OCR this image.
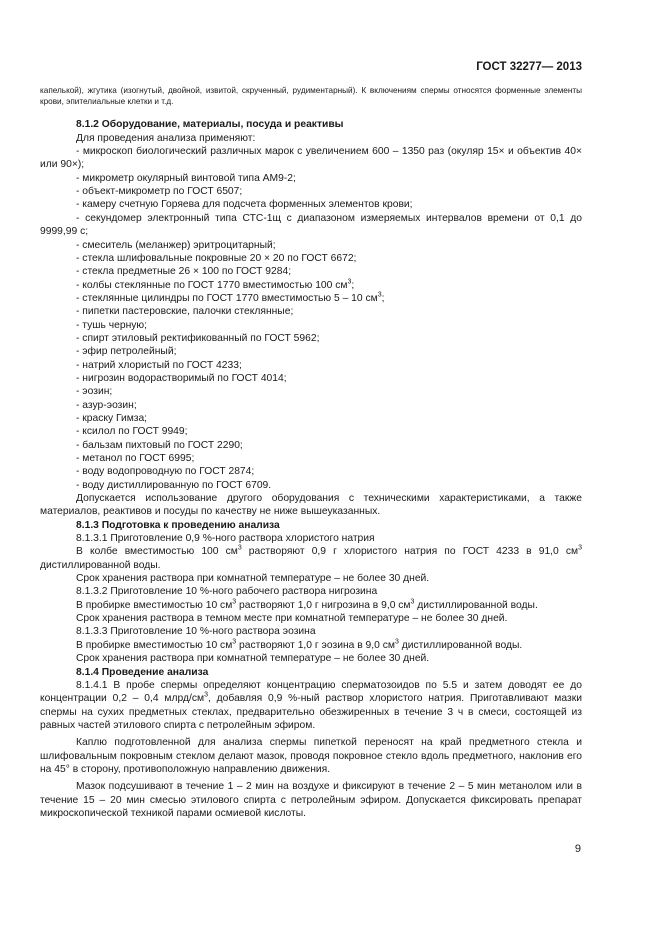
ГОСТ 32277— 2013

капелькой), жгутика (изогнутый, двойной, извитой, скрученный, рудиментарный). К включениям спермы относятся форменные элементы крови, эпителиальные клетки и т.д.

8.1.2 Оборудование, материалы, посуда и реактивы

Для проведения анализа применяют:

- микроскоп биологический различных марок с увеличением 600 – 1350 раз (окуляр 15× и объектив 40× или 90×);

- микрометр окулярный винтовой типа АМ9-2;

- объект-микрометр по ГОСТ 6507;

- камеру счетную Горяева для подсчета форменных элементов крови;

- секундомер электронный типа СТС-1щ с диапазоном измеряемых интервалов времени от 0,1 до 9999,99 с;

- смеситель (меланжер) эритроцитарный;

- стекла шлифовальные покровные 20 × 20 по ГОСТ 6672;

- стекла предметные 26 × 100 по ГОСТ 9284;

- колбы стеклянные по ГОСТ 1770 вместимостью 100 $см^3$;

- стеклянные цилиндры по ГОСТ 1770 вместимостью 5 – 10 $см^3$;

- пипетки пастеровские, палочки стеклянные;

- тушь черную;

- спирт этиловый ректификованный по ГОСТ 5962;

- эфир петролейный;

- натрий хлористый по ГОСТ 4233;

- нигрозин водорастворимый по ГОСТ 4014;

- эозин;

- азур-эозин;

- краску Гимза;

- ксилол по ГОСТ 9949;

- бальзам пихтовый по ГОСТ 2290;

- метанол по ГОСТ 6995;

- воду водопроводную по ГОСТ 2874;

- воду дистиллированную по ГОСТ 6709.

Допускается использование другого оборудования с техническими характеристиками, а также материалов, реактивов и посуды по качеству не ниже вышеуказанных.

8.1.3 Подготовка к проведению анализа

8.1.3.1 Приготовление 0,9 %-ного раствора хлористого натрия

В колбе вместимостью 100 $см^3$ растворяют 0,9 г хлористого натрия по ГОСТ 4233 в 91,0 $см^3$ дистиллированной воды.

Срок хранения раствора при комнатной температуре – не более 30 дней.

8.1.3.2 Приготовление 10 %-ного рабочего раствора нигрозина

В пробирке вместимостью 10 $см^3$ растворяют 1,0 г нигрозина в 9,0 $см^3$ дистиллированной воды.

Срок хранения раствора в темном месте при комнатной температуре – не более 30 дней.

8.1.3.3 Приготовление 10 %-ного раствора эозина

В пробирке вместимостью 10 $см^3$ растворяют 1,0 г эозина в 9,0 $см^3$ дистиллированной воды.

Срок хранения раствора при комнатной температуре – не более 30 дней.

8.1.4 Проведение анализа

8.1.4.1 В пробе спермы определяют концентрацию сперматозоидов по 5.5 и затем доводят ее до концентрации 0,2 – 0,4 млрд/$см^3$, добавляя 0,9 %-ный раствор хлористого натрия. Приготавливают мазки спермы на сухих предметных стеклах, предварительно обезжиренных в течение 3 ч в смеси, состоящей из равных частей этилового спирта с петролейным эфиром.

Каплю подготовленной для анализа спермы пипеткой переносят на край предметного стекла и шлифовальным покровным стеклом делают мазок, проводя покровное стекло вдоль предметного, наклонив его на 45° в сторону, противоположную направлению движения.

Мазок подсушивают в течение 1 – 2 мин на воздухе и фиксируют в течение 2 – 5 мин метанолом или в течение 15 – 20 мин смесью этилового спирта с петролейным эфиром. Допускается фиксировать препарат микроскопической техникой парами осмиевой кислоты.

9
